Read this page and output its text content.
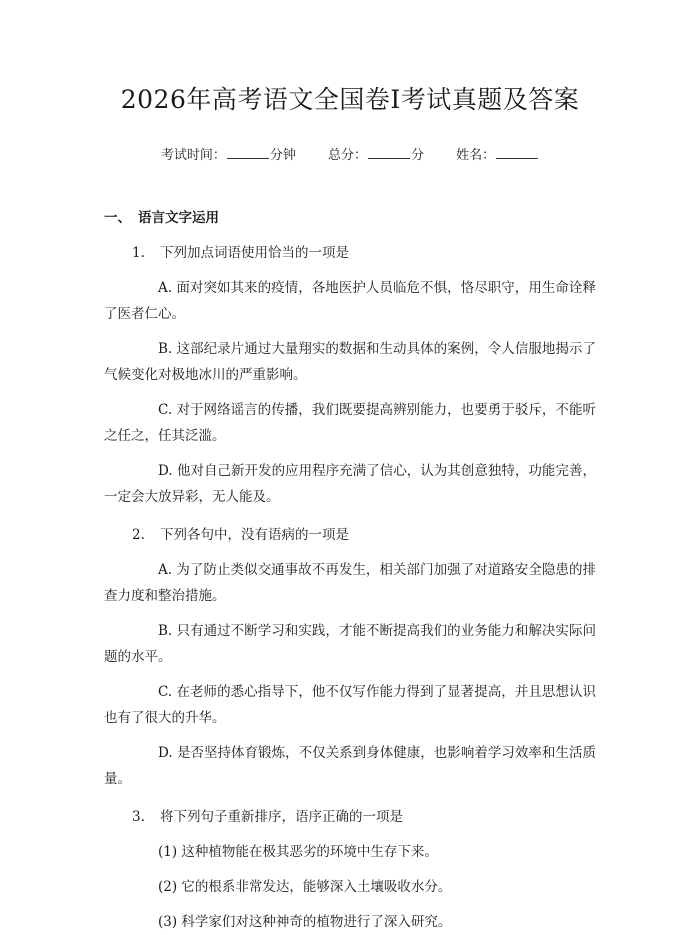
2026年高考语文全国卷Ⅰ考试真题及答案
考试时间：	分钟 总分：	分 姓名：
一、 语言文字运用
1. 下列加点词语使用恰当的一项是
A. 面对突如其来的疫情，各地医护人员临危不惧，恪尽职守，用生命诠释了医者仁心。
B. 这部纪录片通过大量翔实的数据和生动具体的案例，令人信服地揭示了气候变化对极地冰川的严重影响。
C. 对于网络谣言的传播，我们既要提高辨别能力，也要勇于驳斥，不能听之任之，任其泛滥。
D. 他对自己新开发的应用程序充满了信心，认为其创意独特，功能完善，一定会大放异彩，无人能及。
2. 下列各句中，没有语病的一项是
A. 为了防止类似交通事故不再发生，相关部门加强了对道路安全隐患的排查力度和整治措施。
B. 只有通过不断学习和实践，才能不断提高我们的业务能力和解决实际问题的水平。
C. 在老师的悉心指导下，他不仅写作能力得到了显著提高，并且思想认识也有了很大的升华。
D. 是否坚持体育锻炼，不仅关系到身体健康，也影响着学习效率和生活质量。
3. 将下列句子重新排序，语序正确的一项是
(1) 这种植物能在极其恶劣的环境中生存下来。
(2) 它的根系非常发达，能够深入土壤吸收水分。
(3) 科学家们对这种神奇的植物进行了深入研究。
